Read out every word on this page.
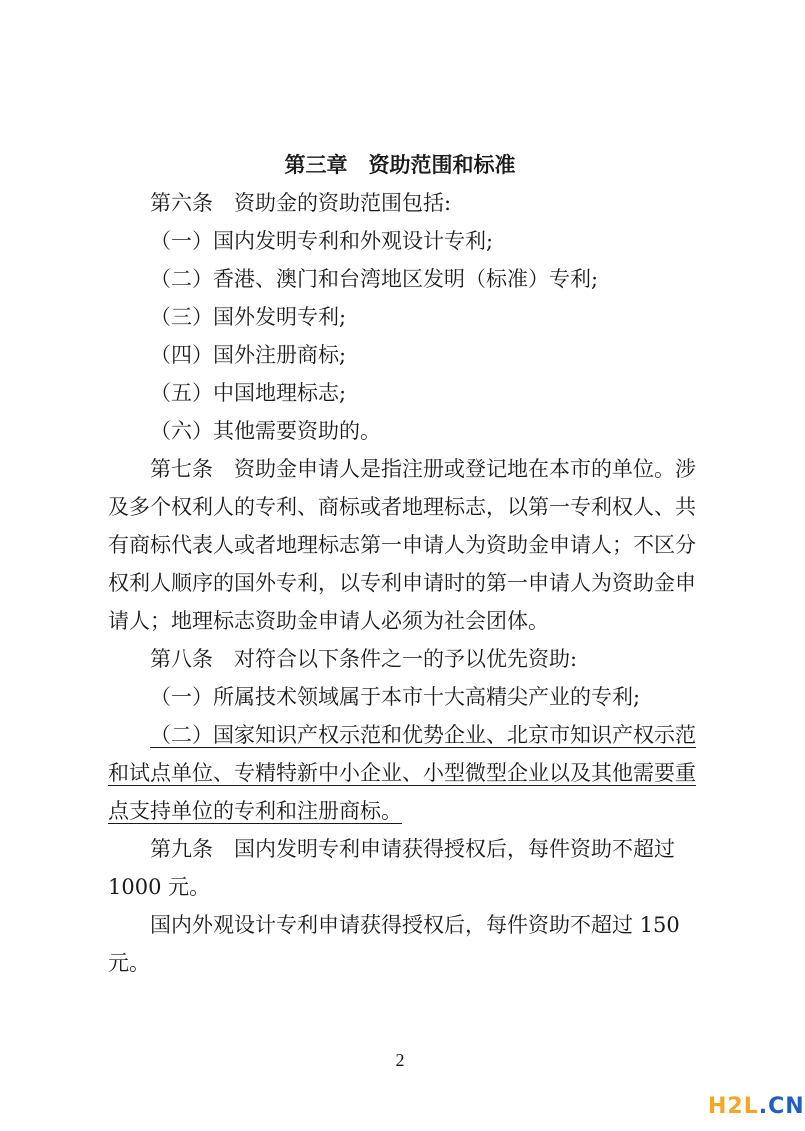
第三章　资助范围和标准
第六条　资助金的资助范围包括:
（一）国内发明专利和外观设计专利;
（二）香港、澳门和台湾地区发明（标准）专利;
（三）国外发明专利;
（四）国外注册商标;
（五）中国地理标志;
（六）其他需要资助的。
第七条　资助金申请人是指注册或登记地在本市的单位。涉
及多个权利人的专利、商标或者地理标志，以第一专利权人、共
有商标代表人或者地理标志第一申请人为资助金申请人；不区分
权利人顺序的国外专利，以专利申请时的第一申请人为资助金申
请人；地理标志资助金申请人必须为社会团体。
第八条　对符合以下条件之一的予以优先资助:
（一）所属技术领域属于本市十大高精尖产业的专利;
（二）国家知识产权示范和优势企业、北京市知识产权示范
和试点单位、专精特新中小企业、小型微型企业以及其他需要重
点支持单位的专利和注册商标。
第九条　国内发明专利申请获得授权后，每件资助不超过
1000 元。
国内外观设计专利申请获得授权后，每件资助不超过 150
元。
2
H2L.CN
